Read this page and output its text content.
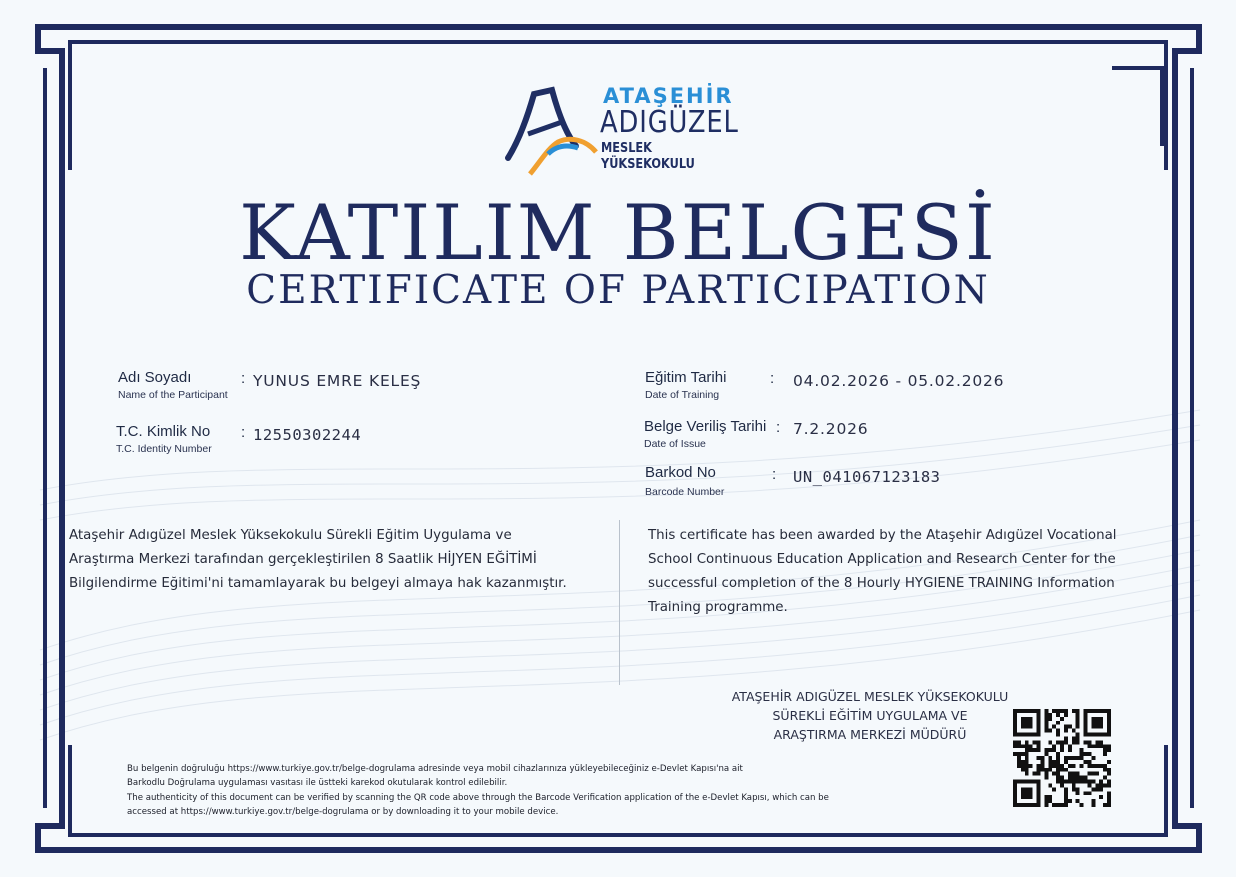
ATAŞEHİR
ADIGÜZEL
MESLEK YÜKSEKOKULU
KATILIM BELGESİ
CERTIFICATE OF PARTICIPATION
Adı Soyadı
Name of the Participant
: YUNUS EMRE KELEŞ
T.C. Kimlik No
T.C. Identity Number
: 12550302244
Eğitim Tarihi
Date of Training
: 04.02.2026 - 05.02.2026
Belge Veriliş Tarihi
Date of Issue
: 7.2.2026
Barkod No
Barcode Number
: UN_041067123183
Ataşehir Adıgüzel Meslek Yüksekokulu Sürekli Eğitim Uygulama ve
Araştırma Merkezi tarafından gerçekleştirilen 8 Saatlik HİJYEN EĞİTİMİ
Bilgilendirme Eğitimi'ni tamamlayarak bu belgeyi almaya hak kazanmıştır.
This certificate has been awarded by the Ataşehir Adıgüzel Vocational
School Continuous Education Application and Research Center for the
successful completion of the 8 Hourly HYGIENE TRAINING Information
Training programme.
ATAŞEHİR ADIGÜZEL MESLEK YÜKSEKOKULU
SÜREKLİ EĞİTİM UYGULAMA VE
ARAŞTIRMA MERKEZİ MÜDÜRÜ
Bu belgenin doğruluğu https://www.turkiye.gov.tr/belge-dogrulama adresinde veya mobil cihazlarınıza yükleyebileceğiniz e-Devlet Kapısı'na ait
Barkodlu Doğrulama uygulaması vasıtası ile üstteki karekod okutularak kontrol edilebilir.
The authenticity of this document can be verified by scanning the QR code above through the Barcode Verification application of the e-Devlet Kapısı, which can be
accessed at https://www.turkiye.gov.tr/belge-dogrulama or by downloading it to your mobile device.
